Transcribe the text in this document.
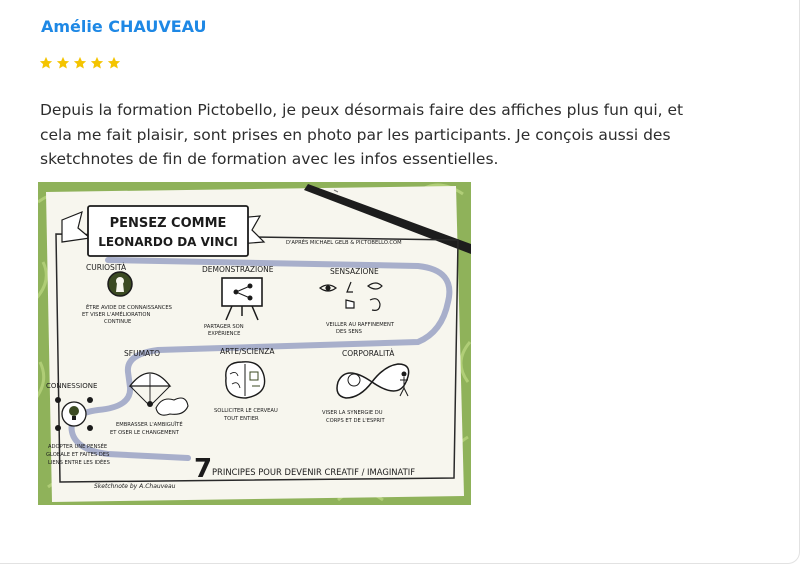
Amélie CHAUVEAU
Depuis la formation Pictobello, je peux désormais faire des affiches plus fun qui, et
cela me fait plaisir, sont prises en photo par les participants. Je conçois aussi des
sketchnotes de fin de formation avec les infos essentielles.
PENSEZ COMME
LEONARDO DA VINCI	D'APRÈS MICHAEL GELB & PICTOBELLO.COM
CURIOSITÀ
ÊTRE AVIDE DE CONNAISSANCES
ET VISER L'AMÉLIORATION
CONTINUE
DEMONSTRAZIONE
PARTAGER SON
EXPÉRIENCE
SENSAZIONE
VEILLER AU RAFFINEMENT
DES SENS
SFUMATO
EMBRASSER L'AMBIGUÏTÉ
ET OSER LE CHANGEMENT
ARTE/SCIENZA
SOLLICITER LE CERVEAU
TOUT ENTIER
CORPORALITÀ
VISER LA SYNERGIE DU
CORPS ET DE L'ESPRIT
CONNESSIONE
ADOPTER UNE PENSÉE
GLOBALE ET FAITES DES
LIENS ENTRE LES IDÉES	7 PRINCIPES POUR DEVENIR CREATIF / IMAGINATIF
Sketchnote by A.Chauveau
